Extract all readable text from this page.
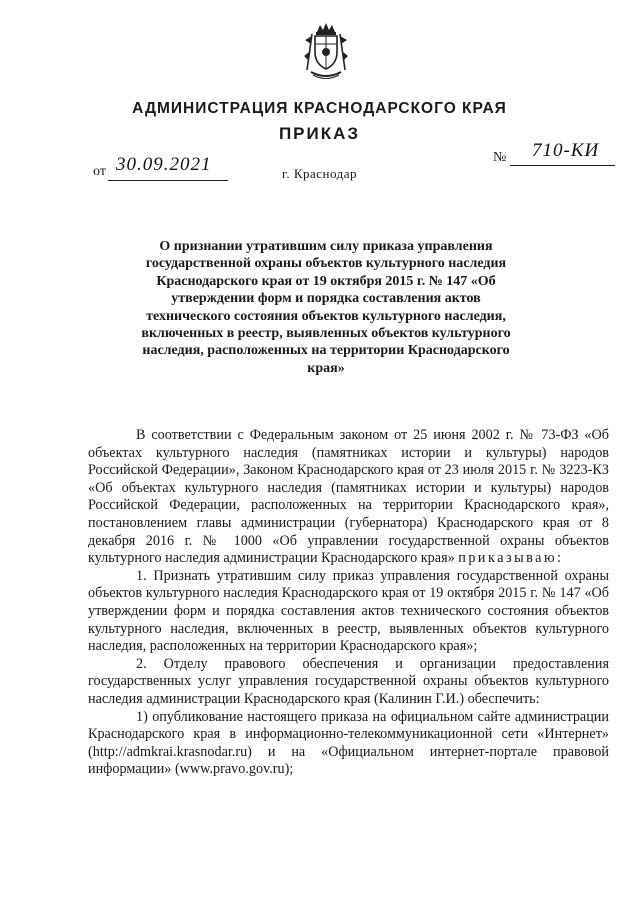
АДМИНИСТРАЦИЯ КРАСНОДАРСКОГО КРАЯ
ПРИКАЗ
от 30.09.2021	г. Краснодар
№ 710-КИ
О признании утратившим силу приказа управления государственной охраны объектов культурного наследия Краснодарского края от 19 октября 2015 г. № 147 «Об утверждении форм и порядка составления актов технического состояния объектов культурного наследия, включенных в реестр, выявленных объектов культурного наследия, расположенных на территории Краснодарского края»

В соответствии с Федеральным законом от 25 июня 2002 г. № 73-ФЗ «Об объектах культурного наследия (памятниках истории и культуры) народов Российской Федерации», Законом Краснодарского края от 23 июля 2015 г. № 3223-КЗ «Об объектах культурного наследия (памятниках истории и культуры) народов Российской Федерации, расположенных на территории Краснодарского края», постановлением главы администрации (губернатора) Краснодарского края от 8 декабря 2016 г. № 1000 «Об управлении государственной охраны объектов культурного наследия администрации Краснодарского края» приказываю:

1. Признать утратившим силу приказ управления государственной охраны объектов культурного наследия Краснодарского края от 19 октября 2015 г. № 147 «Об утверждении форм и порядка составления актов технического состояния объектов культурного наследия, включенных в реестр, выявленных объектов культурного наследия, расположенных на территории Краснодарского края»;

2. Отделу правового обеспечения и организации предоставления государственных услуг управления государственной охраны объектов культурного наследия администрации Краснодарского края (Калинин Г.И.) обеспечить:

1) опубликование настоящего приказа на официальном сайте администрации Краснодарского края в информационно-телекоммуникационной сети «Интернет» (http://admkrai.krasnodar.ru) и на «Официальном интернет-портале правовой информации» (www.pravo.gov.ru);
